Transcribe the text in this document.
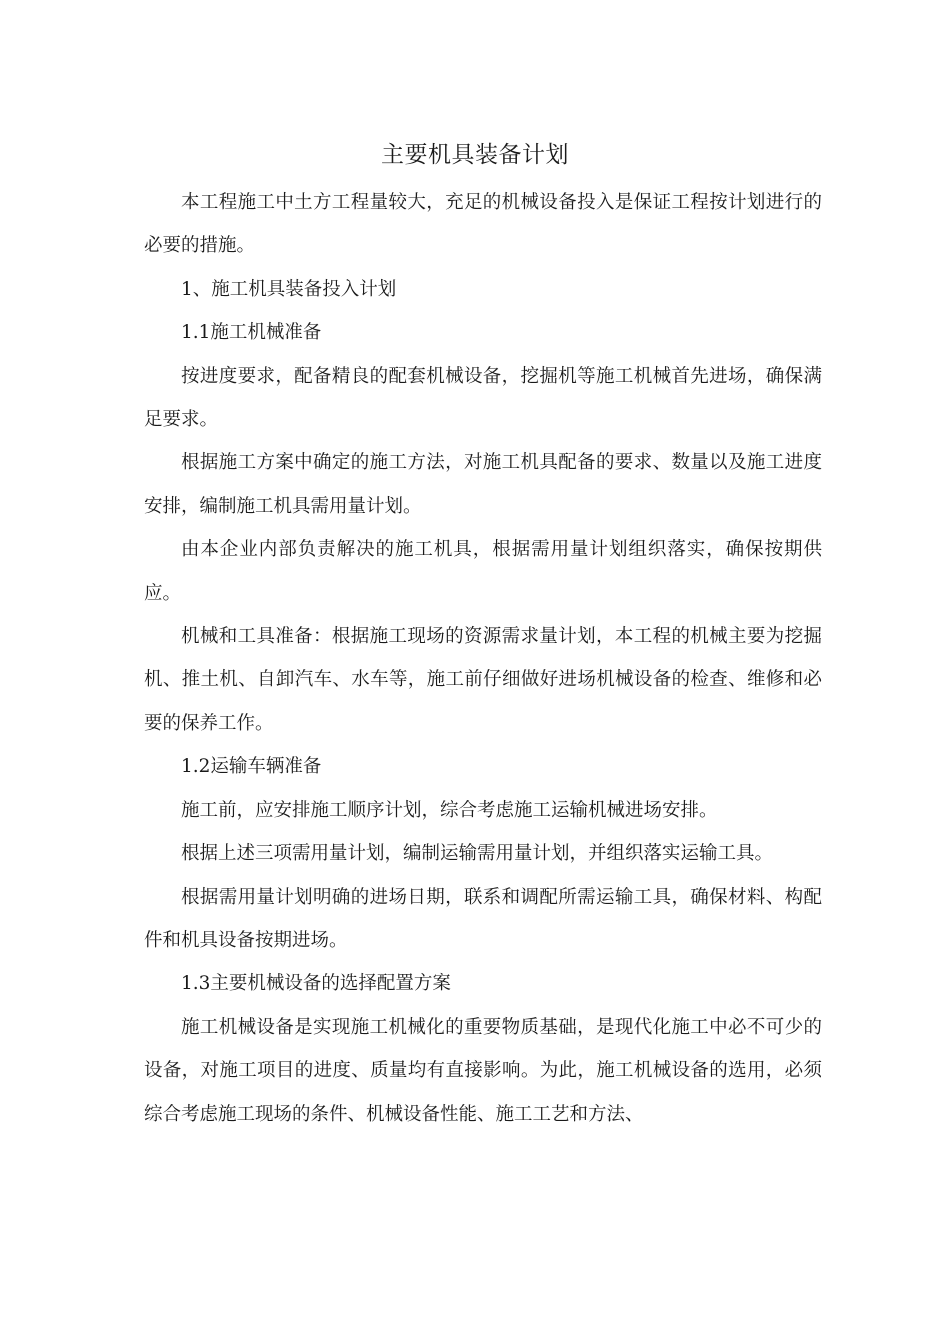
主要机具装备计划

本工程施工中土方工程量较大，充足的机械设备投入是保证工程按计划进行的必要的措施。

1、施工机具装备投入计划

1.1施工机械准备

按进度要求，配备精良的配套机械设备，挖掘机等施工机械首先进场，确保满足要求。

根据施工方案中确定的施工方法，对施工机具配备的要求、数量以及施工进度安排，编制施工机具需用量计划。

由本企业内部负责解决的施工机具，根据需用量计划组织落实，确保按期供应。

机械和工具准备：根据施工现场的资源需求量计划，本工程的机械主要为挖掘机、推土机、自卸汽车、水车等，施工前仔细做好进场机械设备的检查、维修和必要的保养工作。

1.2运输车辆准备

施工前，应安排施工顺序计划，综合考虑施工运输机械进场安排。

根据上述三项需用量计划，编制运输需用量计划，并组织落实运输工具。

根据需用量计划明确的进场日期，联系和调配所需运输工具，确保材料、构配件和机具设备按期进场。

1.3主要机械设备的选择配置方案

施工机械设备是实现施工机械化的重要物质基础，是现代化施工中必不可少的设备，对施工项目的进度、质量均有直接影响。为此，施工机械设备的选用，必须综合考虑施工现场的条件、机械设备性能、施工工艺和方法、
